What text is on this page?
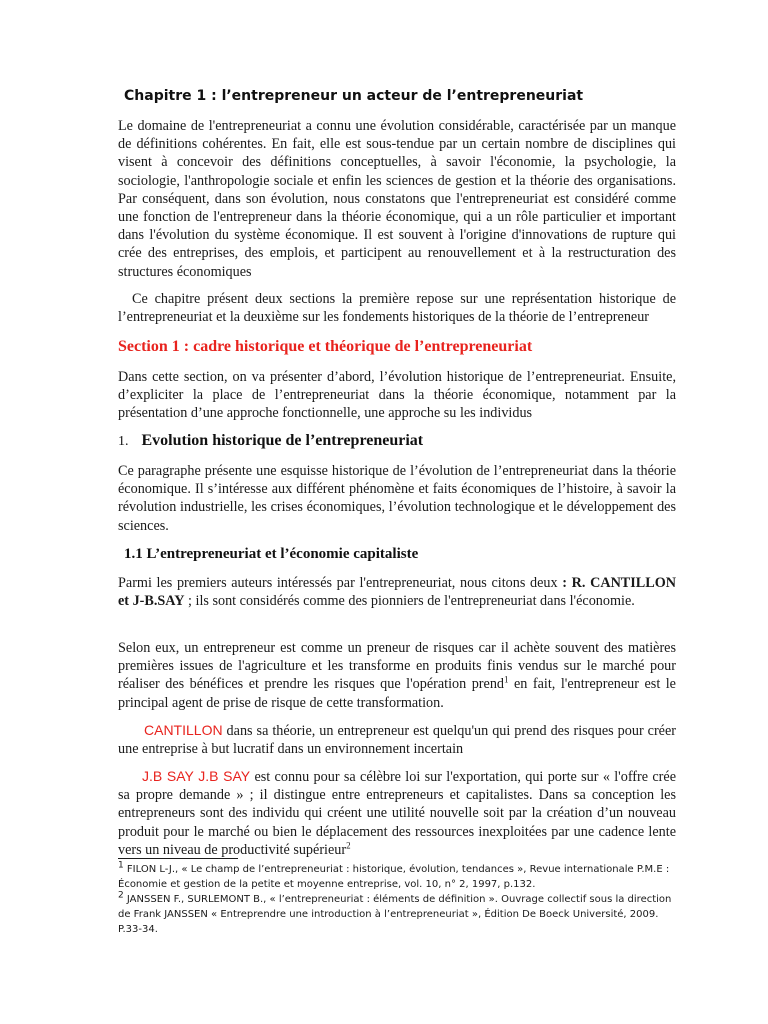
Chapitre 1 : l’entrepreneur un acteur de l’entrepreneuriat
Le domaine de l'entrepreneuriat a connu une évolution considérable, caractérisée par un manque de définitions cohérentes. En fait, elle est sous-tendue par un certain nombre de disciplines qui visent à concevoir des définitions conceptuelles, à savoir l'économie, la psychologie, la sociologie, l'anthropologie sociale et enfin les sciences de gestion et la théorie des organisations. Par conséquent, dans son évolution, nous constatons que l'entrepreneuriat est considéré comme une fonction de l'entrepreneur dans la théorie économique, qui a un rôle particulier et important dans l'évolution du système économique. Il est souvent à l'origine d'innovations de rupture qui crée des entreprises, des emplois, et participent au renouvellement et à la restructuration des structures économiques
Ce chapitre présent deux sections la première repose sur une représentation historique de l’entrepreneuriat et la deuxième sur les fondements historiques de la théorie de l’entrepreneur
Section 1 : cadre historique et théorique de l’entrepreneuriat
Dans cette section, on va présenter d’abord, l’évolution historique de l’entrepreneuriat. Ensuite, d’expliciter la place de l’entrepreneuriat dans la théorie économique, notamment par la présentation d’une approche fonctionnelle, une approche su les individus
1. Evolution historique de l’entrepreneuriat
Ce paragraphe présente une esquisse historique de l’évolution de l’entrepreneuriat dans la théorie économique. Il s’intéresse aux différent phénomène et faits économiques de l’histoire, à savoir la révolution industrielle, les crises économiques, l’évolution technologique et le développement des sciences.
1.1 L’entrepreneuriat et l’économie capitaliste
Parmi les premiers auteurs intéressés par l'entrepreneuriat, nous citons deux : R. CANTILLON et J-B.SAY ; ils sont considérés comme des pionniers de l'entrepreneuriat dans l'économie.
Selon eux, un entrepreneur est comme un preneur de risques car il achète souvent des matières premières issues de l'agriculture et les transforme en produits finis vendus sur le marché pour réaliser des bénéfices et prendre les risques que l'opération prend$^1$ en fait, l'entrepreneur est le principal agent de prise de risque de cette transformation.
CANTILLON dans sa théorie, un entrepreneur est quelqu'un qui prend des risques pour créer une entreprise à but lucratif dans un environnement incertain
J.B SAY J.B SAY est connu pour sa célèbre loi sur l'exportation, qui porte sur « l'offre crée sa propre demande » ; il distingue entre entrepreneurs et capitalistes. Dans sa conception les entrepreneurs sont des individu qui créent une utilité nouvelle soit par la création d’un nouveau produit pour le marché ou bien le déplacement des ressources inexploitées par une cadence lente vers un niveau de productivité supérieur$^2$
$^1$ FILON L-J., « Le champ de l’entrepreneuriat : historique, évolution, tendances », Revue internationale P.M.E : Économie et gestion de la petite et moyenne entreprise, vol. 10, n° 2, 1997, p.132.
$^2$ JANSSEN F., SURLEMONT B., « l’entrepreneuriat : éléments de définition ». Ouvrage collectif sous la direction de Frank JANSSEN « Entreprendre une introduction à l’entrepreneuriat », Édition De Boeck Université, 2009. P.33-34.
